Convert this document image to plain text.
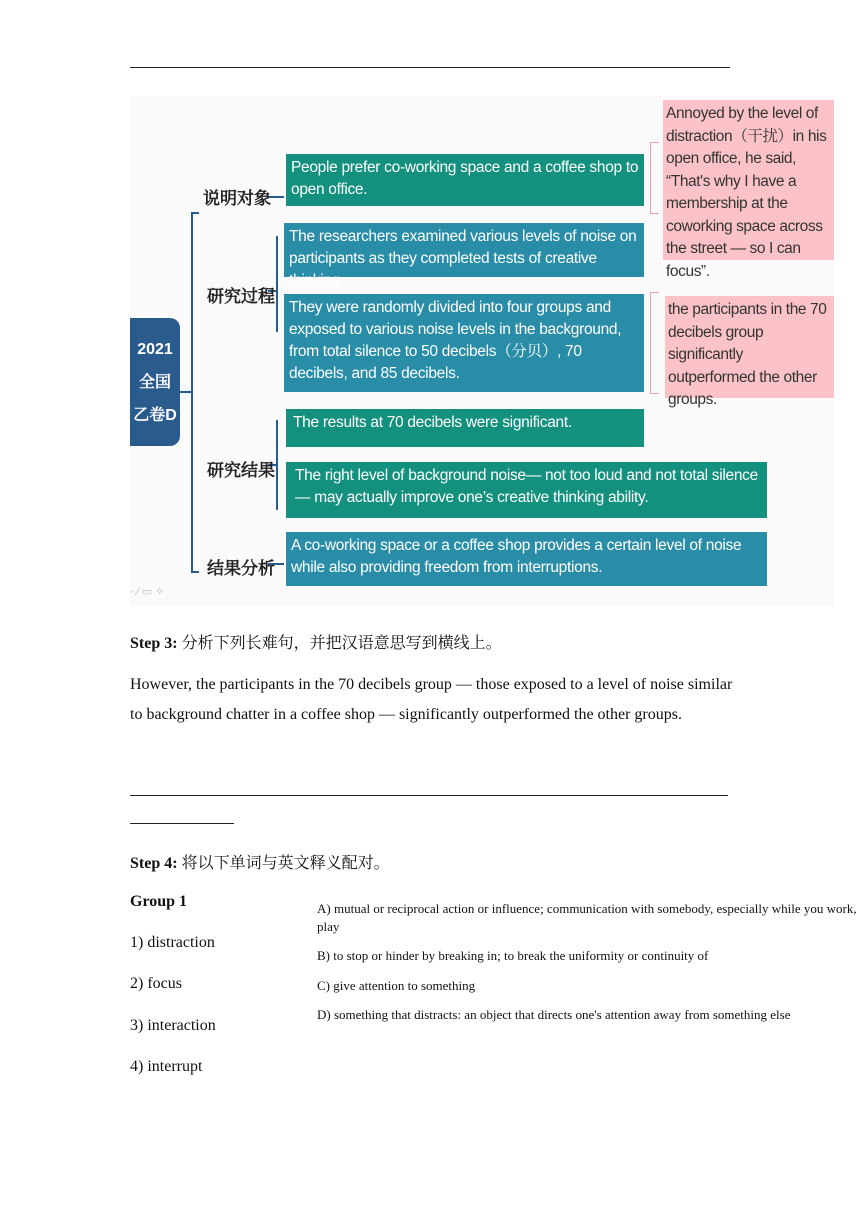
2021
全国
乙卷D
说明对象
研究过程
研究结果
结果分析
People prefer co-working space and a coffee shop to open office.
The researchers examined various levels of noise on participants as they completed tests of creative thinking.
They were randomly divided into four groups and exposed to various noise levels in the background, from total silence to 50 decibels（分贝）, 70 decibels, and 85 decibels.
The results at 70 decibels were significant.
The right level of background noise— not too loud and not total silence — may actually improve one’s creative thinking ability.
A co-working space or a coffee shop provides a certain level of noise while also providing freedom from interruptions.
Annoyed by the level of distraction（干扰）in his open office, he said, “That's why I have a membership at the coworking space across the street — so I can focus”.
the participants in the 70 decibels group significantly outperformed the other groups.
· ⁄ ▭ ✧
Step 3: 分析下列长难句，并把汉语意思写到横线上。
However, the participants in the 70 decibels group — those exposed to a level of noise similar to background chatter in a coffee shop — significantly outperformed the other groups.
Step 4: 将以下单词与英文释义配对。
Group 1
1) distraction
2) focus
3) interaction
4) interrupt
A) mutual or reciprocal action or influence; communication with somebody, especially while you work, play
B) to stop or hinder by breaking in; to break the uniformity or continuity of
C) give attention to something
D) something that distracts: an object that directs one's attention away from something else
